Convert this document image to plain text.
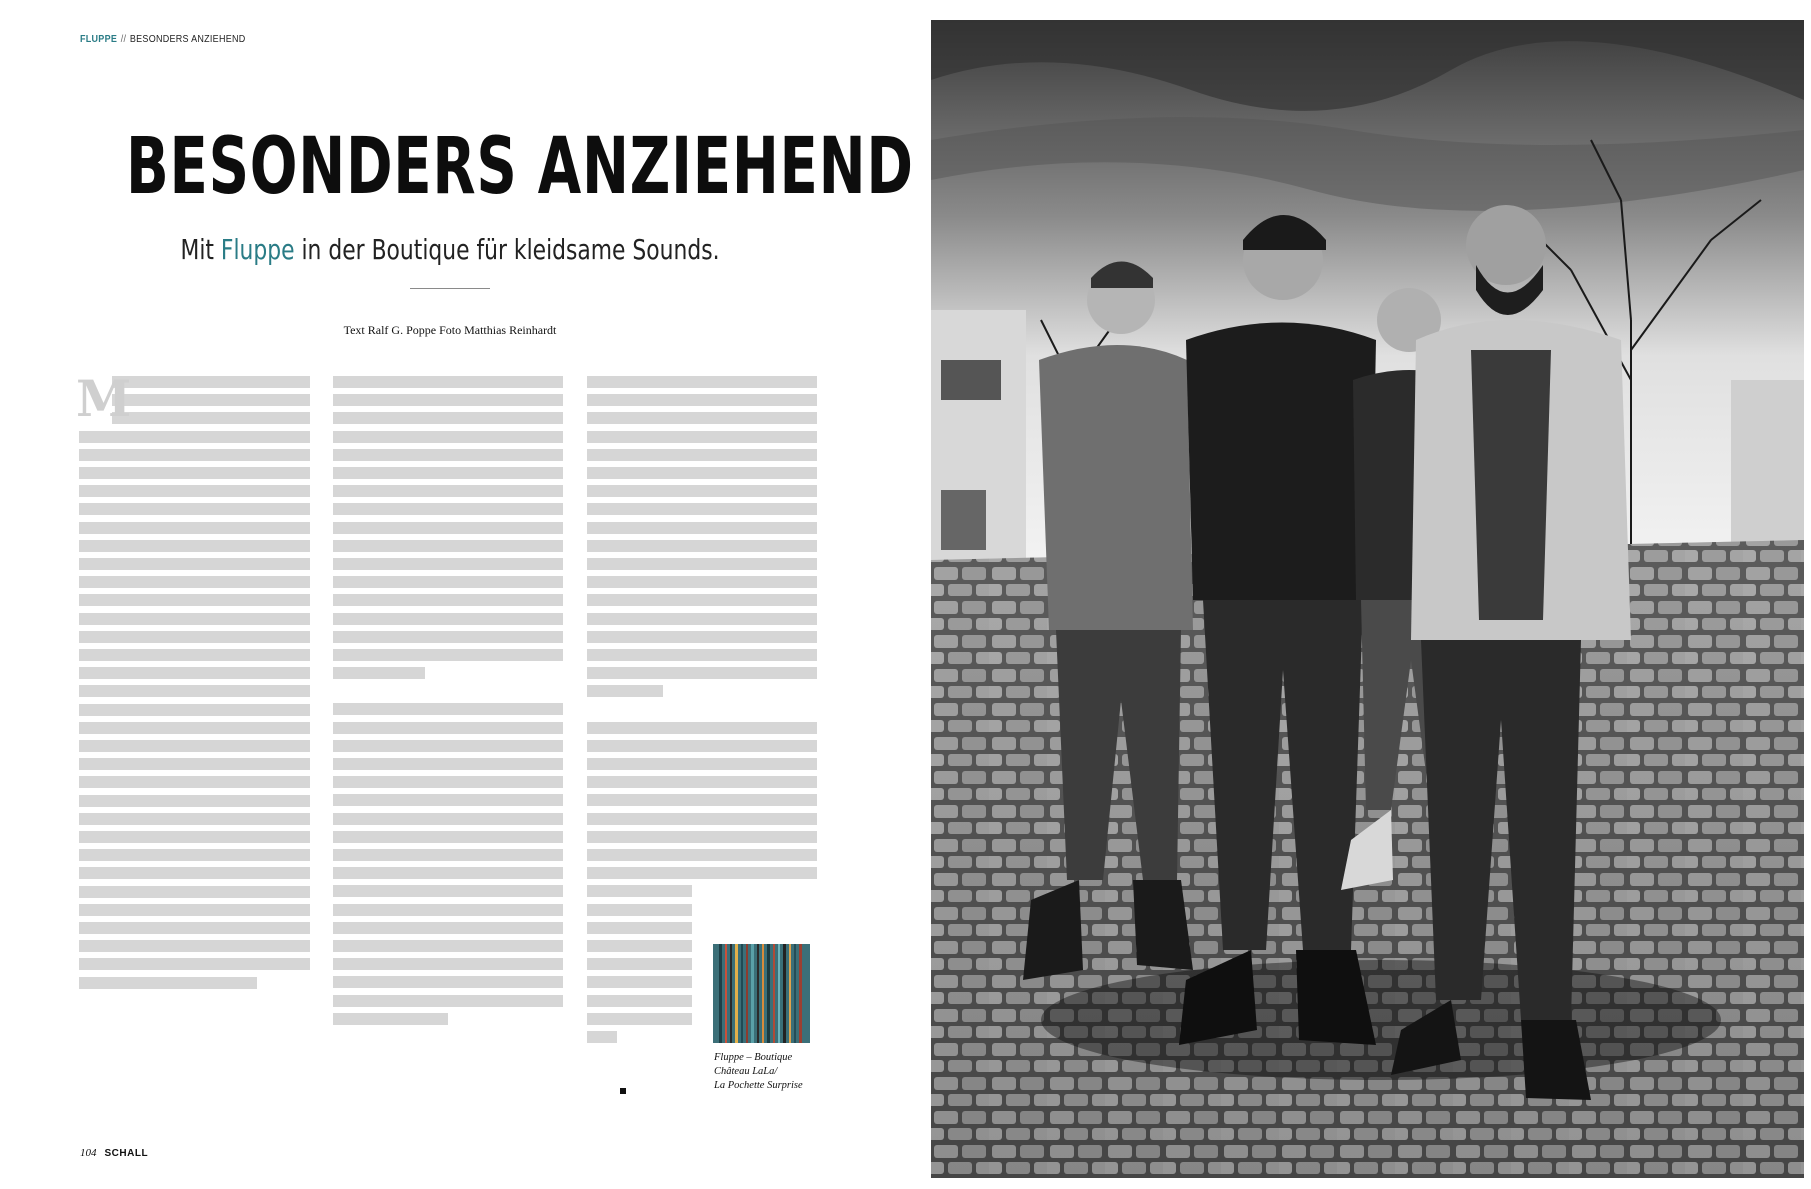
FLUPPE // BESONDERS ANZIEHEND
BESONDERS ANZIEHEND
Mit Fluppe in der Boutique für kleidsame Sounds.
Text Ralf G. Poppe Foto Matthias Reinhardt
M
Fluppe – Boutique
Château LaLa/
La Pochette Surprise
104 SCHALL
